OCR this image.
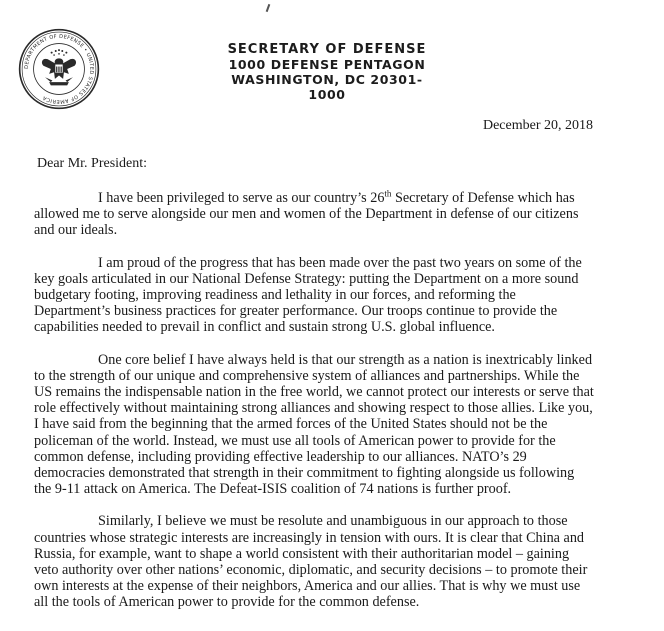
DEPARTMENT OF DEFENSE • UNITED STATES OF AMERICA
SECRETARY OF DEFENSE
1000 DEFENSE PENTAGON
WASHINGTON, DC 20301-1000
December 20, 2018
Dear Mr. President:

I have been privileged to serve as our country’s 26th Secretary of Defense which has allowed me to serve alongside our men and women of the Department in defense of our citizens and our ideals.

I am proud of the progress that has been made over the past two years on some of the key goals articulated in our National Defense Strategy: putting the Department on a more sound budgetary footing, improving readiness and lethality in our forces, and reforming the Department’s business practices for greater performance. Our troops continue to provide the capabilities needed to prevail in conflict and sustain strong U.S. global influence.

One core belief I have always held is that our strength as a nation is inextricably linked to the strength of our unique and comprehensive system of alliances and partnerships. While the US remains the indispensable nation in the free world, we cannot protect our interests or serve that role effectively without maintaining strong alliances and showing respect to those allies. Like you, I have said from the beginning that the armed forces of the United States should not be the policeman of the world. Instead, we must use all tools of American power to provide for the common defense, including providing effective leadership to our alliances. NATO’s 29 democracies demonstrated that strength in their commitment to fighting alongside us following the 9-11 attack on America. The Defeat-ISIS coalition of 74 nations is further proof.

Similarly, I believe we must be resolute and unambiguous in our approach to those countries whose strategic interests are increasingly in tension with ours. It is clear that China and Russia, for example, want to shape a world consistent with their authoritarian model – gaining veto authority over other nations’ economic, diplomatic, and security decisions – to promote their own interests at the expense of their neighbors, America and our allies. That is why we must use all the tools of American power to provide for the common defense.
